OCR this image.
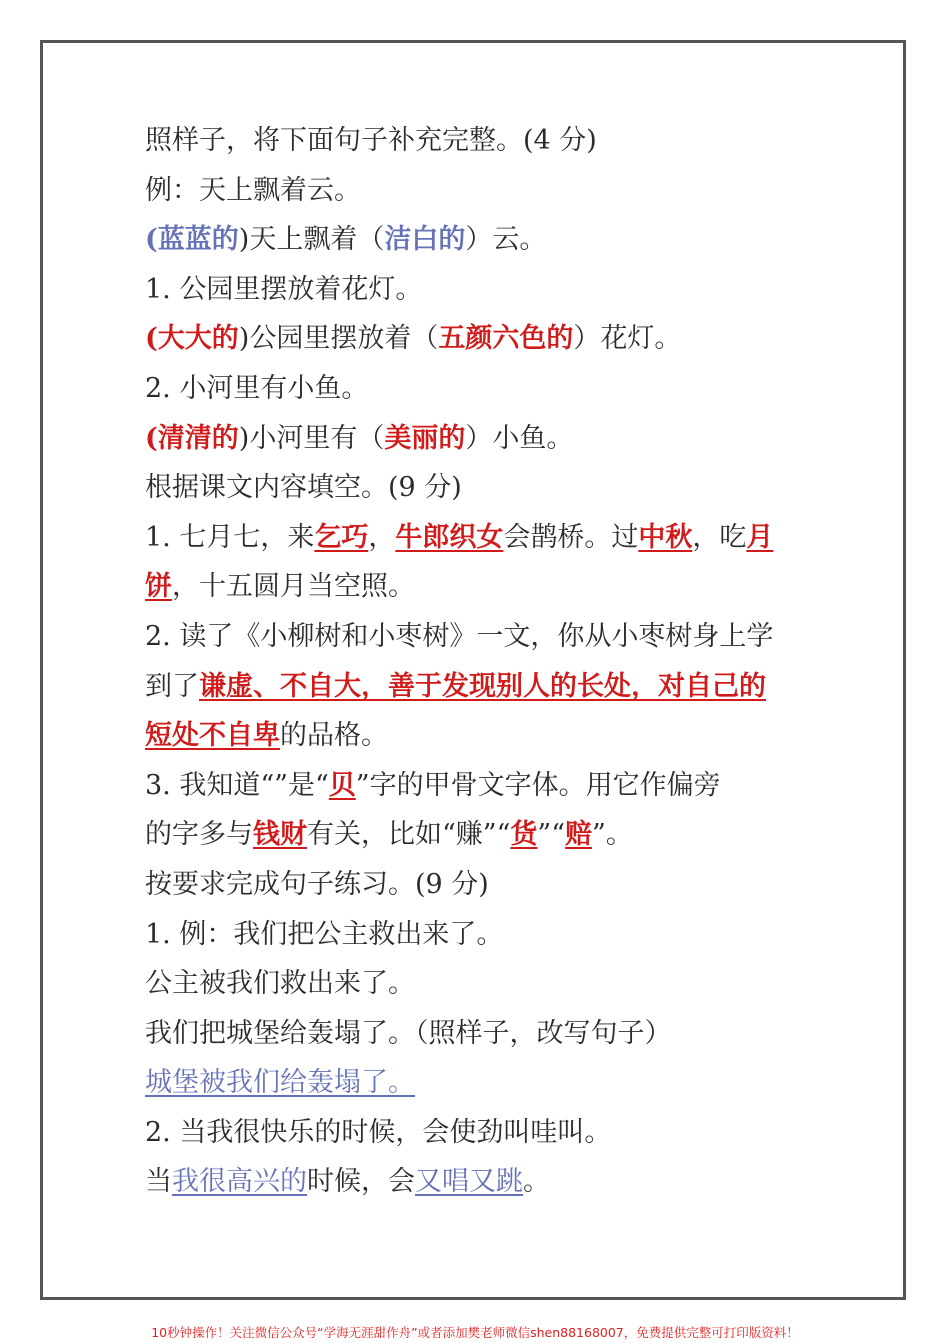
照样子，将下面句子补充完整。(4 分)
例：天上飘着云。
(蓝蓝的)天上飘着（洁白的）云。
1. 公园里摆放着花灯。
(大大的)公园里摆放着（五颜六色的）花灯。
2. 小河里有小鱼。
(清清的)小河里有（美丽的）小鱼。
根据课文内容填空。(9 分)
1. 七月七，来乞巧，牛郎织女会鹊桥。过中秋，吃月
饼，十五圆月当空照。
2. 读了《小柳树和小枣树》一文，你从小枣树身上学
到了谦虚、不自大，善于发现别人的长处，对自己的
短处不自卑的品格。
3. 我知道“”是“贝”字的甲骨文字体。用它作偏旁
的字多与钱财有关，比如“赚”“货”“赔”。
按要求完成句子练习。(9 分)
1. 例：我们把公主救出来了。
公主被我们救出来了。
我们把城堡给轰塌了。（照样子，改写句子）
城堡被我们给轰塌了。
2. 当我很快乐的时候，会使劲叫哇叫。
当我很高兴的时候，会又唱又跳。
10秒钟操作！关注微信公众号“学海无涯甜作舟”或者添加樊老师微信shen88168007，免费提供完整可打印版资料！
